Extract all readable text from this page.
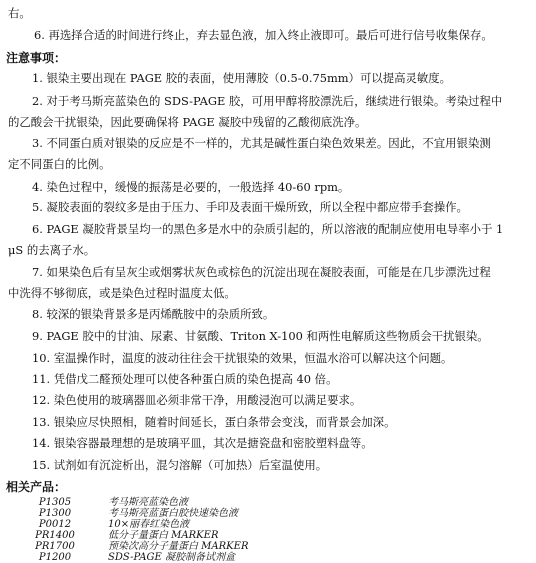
右。
6. 再选择合适的时间进行终止，弃去显色液，加入终止液即可。最后可进行信号收集保存。
注意事项：
1. 银染主要出现在 PAGE 胶的表面，使用薄胶（0.5-0.75mm）可以提高灵敏度。
2. 对于考马斯亮蓝染色的 SDS-PAGE 胶，可用甲醇将胶漂洗后，继续进行银染。考染过程中
的乙酸会干扰银染，因此要确保将 PAGE 凝胶中残留的乙酸彻底洗净。
3. 不同蛋白质对银染的反应是不一样的，尤其是碱性蛋白染色效果差。因此，不宜用银染测
定不同蛋白的比例。
4. 染色过程中，缓慢的振荡是必要的，一般选择 40-60 rpm。
5. 凝胶表面的裂纹多是由于压力、手印及表面干燥所致，所以全程中都应带手套操作。
6. PAGE 凝胶背景呈均一的黑色多是水中的杂质引起的，所以溶液的配制应使用电导率小于 1
μS 的去离子水。
7. 如果染色后有呈灰尘或烟雾状灰色或棕色的沉淀出现在凝胶表面，可能是在几步漂洗过程
中洗得不够彻底，或是染色过程时温度太低。
8. 较深的银染背景多是丙烯酰胺中的杂质所致。
9. PAGE 胶中的甘油、尿素、甘氨酸、Triton X-100 和两性电解质这些物质会干扰银染。
10. 室温操作时，温度的波动往往会干扰银染的效果，恒温水浴可以解决这个问题。
11. 凭借戊二醛预处理可以使各种蛋白质的染色提高 40 倍。
12. 染色使用的玻璃器皿必须非常干净，用酸浸泡可以满足要求。
13. 银染应尽快照相，随着时间延长，蛋白条带会变浅，而背景会加深。
14. 银染容器最理想的是玻璃平皿，其次是搪瓷盘和密胶塑料盘等。
15. 试剂如有沉淀析出，混匀溶解（可加热）后室温使用。
相关产品：
P1305	考马斯亮蓝染色液
P1300	考马斯亮蓝蛋白胶快速染色液
P0012	10×丽春红染色液
PR1400	低分子量蛋白 MARKER
PR1700	预染次高分子量蛋白 MARKER
P1200	SDS-PAGE 凝胶制备试剂盒
